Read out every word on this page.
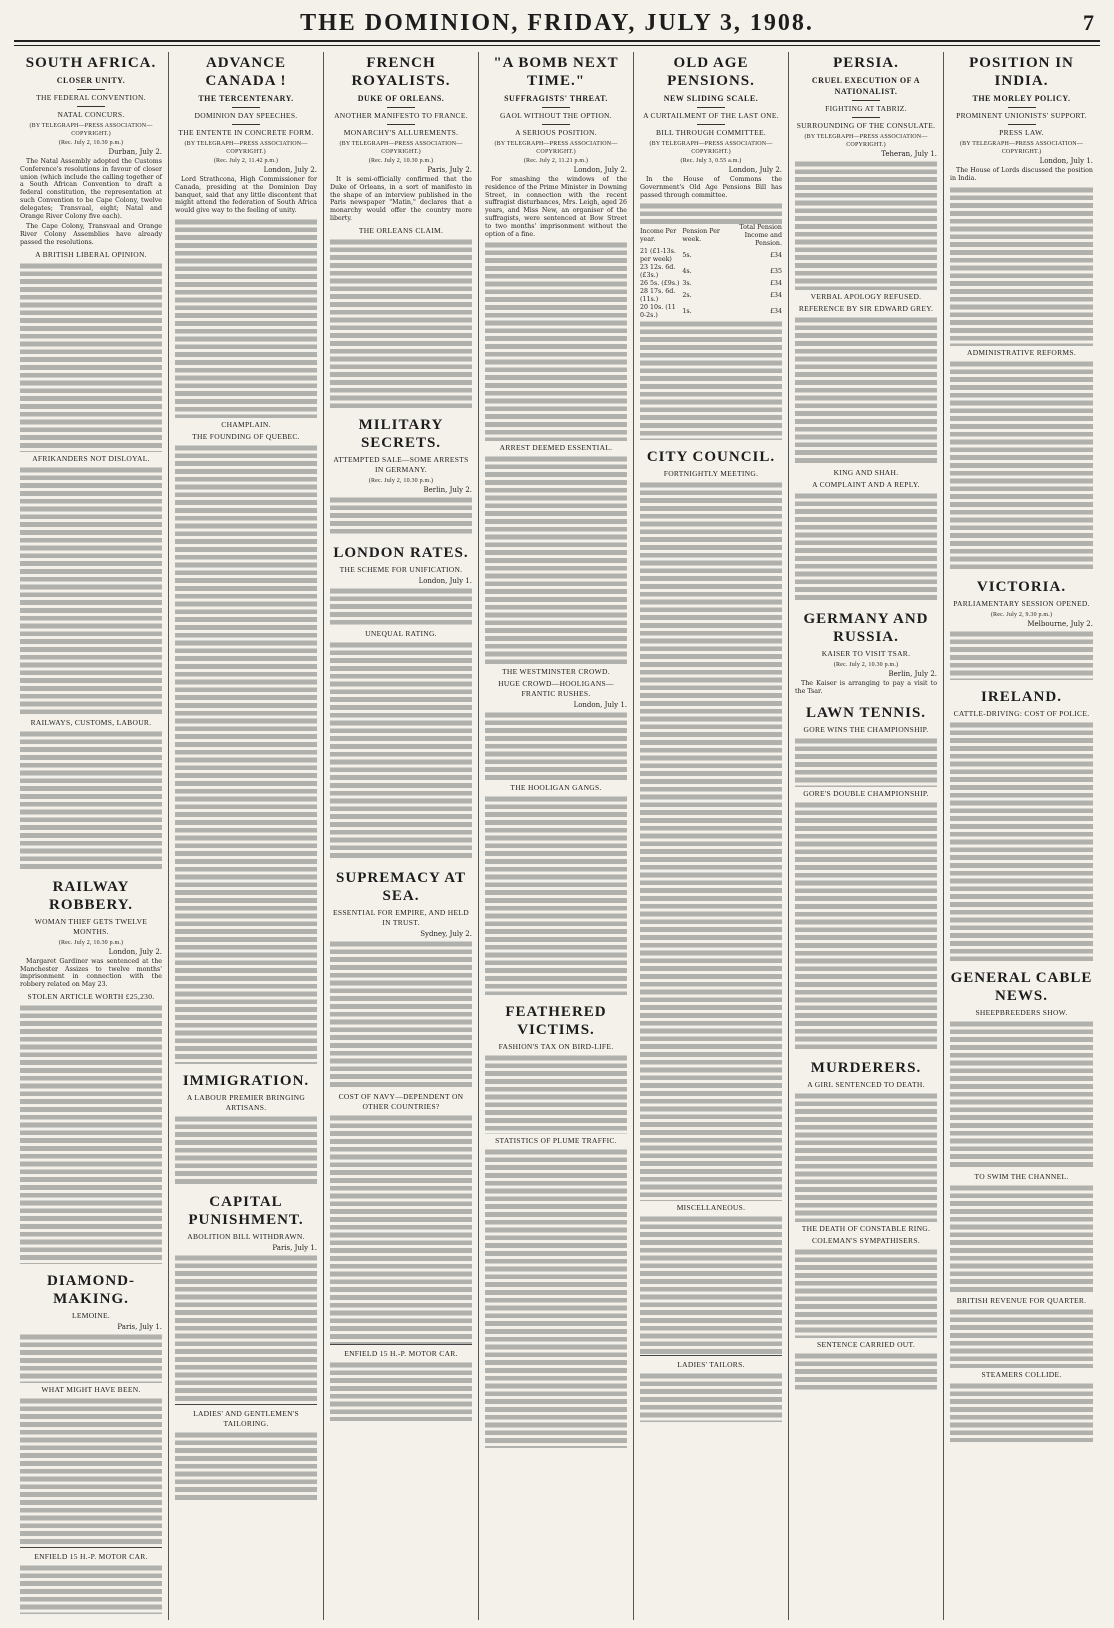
THE DOMINION, FRIDAY, JULY 3, 1908.	7
SOUTH AFRICA.
CLOSER UNITY.
THE FEDERAL CONVENTION.
NATAL CONCURS.
(BY TELEGRAPH—PRESS ASSOCIATION—COPYRIGHT.)
(Rec. July 2, 10.30 p.m.)
Durban, July 2.

The Natal Assembly adopted the Customs Conference's resolutions in favour of closer union (which include the calling together of a South African Convention to draft a federal constitution, the representation at such Convention to be Cape Colony, twelve delegates; Transvaal, eight; Natal and Orange River Colony five each).

The Cape Colony, Transvaal and Orange River Colony Assemblies have already passed the resolutions.

A BRITISH LIBERAL OPINION.
AFRIKANDERS NOT DISLOYAL.
RAILWAYS, CUSTOMS, LABOUR.
RAILWAY ROBBERY.
WOMAN THIEF GETS TWELVE MONTHS.
(Rec. July 2, 10.30 p.m.)
London, July 2.

Margaret Gardiner was sentenced at the Manchester Assizes to twelve months' imprisonment in connection with the robbery related on May 23.

STOLEN ARTICLE WORTH £25,230.
DIAMOND-MAKING.
LEMOINE.
Paris, July 1.
WHAT MIGHT HAVE BEEN.
ENFIELD 15 H.-P. MOTOR CAR.
ADVANCE CANADA !
THE TERCENTENARY.
DOMINION DAY SPEECHES.
THE ENTENTE IN CONCRETE FORM.
(BY TELEGRAPH—PRESS ASSOCIATION—COPYRIGHT.)
(Rec. July 2, 11.42 p.m.)
London, July 2.

Lord Strathcona, High Commissioner for Canada, presiding at the Dominion Day banquet, said that any little discontent that might attend the federation of South Africa would give way to the feeling of unity.

CHAMPLAIN.
THE FOUNDING OF QUEBEC.
IMMIGRATION.
A LABOUR PREMIER BRINGING ARTISANS.
CAPITAL PUNISHMENT.
ABOLITION BILL WITHDRAWN.
Paris, July 1.
LADIES' AND GENTLEMEN'S TAILORING.
FRENCH ROYALISTS.
DUKE OF ORLEANS.
ANOTHER MANIFESTO TO FRANCE.
MONARCHY'S ALLUREMENTS.
(BY TELEGRAPH—PRESS ASSOCIATION—COPYRIGHT.)
(Rec. July 2, 10.30 p.m.)
Paris, July 2.

It is semi-officially confirmed that the Duke of Orleans, in a sort of manifesto in the shape of an interview published in the Paris newspaper "Matin," declares that a monarchy would offer the country more liberty.

THE ORLEANS CLAIM.
MILITARY SECRETS.
ATTEMPTED SALE—SOME ARRESTS IN GERMANY.
(Rec. July 2, 10.30 p.m.)
Berlin, July 2.
LONDON RATES.
THE SCHEME FOR UNIFICATION.
London, July 1.
UNEQUAL RATING.
SUPREMACY AT SEA.
ESSENTIAL FOR EMPIRE, AND HELD IN TRUST.
Sydney, July 2.
COST OF NAVY—DEPENDENT ON OTHER COUNTRIES?
ENFIELD 15 H.-P. MOTOR CAR.
"A BOMB NEXT TIME."
SUFFRAGISTS' THREAT.
GAOL WITHOUT THE OPTION.
A SERIOUS POSITION.
(BY TELEGRAPH—PRESS ASSOCIATION—COPYRIGHT.)
(Rec. July 2, 11.21 p.m.)
London, July 2.

For smashing the windows of the residence of the Prime Minister in Downing Street, in connection with the recent suffragist disturbances, Mrs. Leigh, aged 26 years, and Miss New, an organiser of the suffragists, were sentenced at Bow Street to two months' imprisonment without the option of a fine.

ARREST DEEMED ESSENTIAL.
THE WESTMINSTER CROWD.
HUGE CROWD—HOOLIGANS—FRANTIC RUSHES.
London, July 1.
THE HOOLIGAN GANGS.
FEATHERED VICTIMS.
FASHION'S TAX ON BIRD-LIFE.
STATISTICS OF PLUME TRAFFIC.
OLD AGE PENSIONS.
NEW SLIDING SCALE.
A CURTAILMENT OF THE LAST ONE.
BILL THROUGH COMMITTEE.
(BY TELEGRAPH—PRESS ASSOCIATION—COPYRIGHT.)
(Rec. July 3, 0.55 a.m.)
London, July 2.

In the House of Commons the Government's Old Age Pensions Bill has passed through committee.

Income Per year.	Pension Per week.	Total Pension Income and Pension.
21 (£1-13s. per week)	5s.	£34
23 12s. 6d. (£3s.)	4s.	£35
26 5s. (£9s.)	3s.	£34
28 17s. 6d. (11s.)	2s.	£34
20 10s. (11 0-2s.)	1s.	£34
CITY COUNCIL.
FORTNIGHTLY MEETING.
MISCELLANEOUS.
LADIES' TAILORS.
PERSIA.
CRUEL EXECUTION OF A NATIONALIST.
FIGHTING AT TABRIZ.
SURROUNDING OF THE CONSULATE.
(BY TELEGRAPH—PRESS ASSOCIATION—COPYRIGHT.)
Teheran, July 1.
VERBAL APOLOGY REFUSED.
REFERENCE BY SIR EDWARD GREY.
KING AND SHAH.
A COMPLAINT AND A REPLY.
GERMANY AND RUSSIA.
KAISER TO VISIT TSAR.
(Rec. July 2, 10.30 p.m.)
Berlin, July 2.

The Kaiser is arranging to pay a visit to the Tsar.

LAWN TENNIS.
GORE WINS THE CHAMPIONSHIP.
GORE'S DOUBLE CHAMPIONSHIP.
MURDERERS.
A GIRL SENTENCED TO DEATH.
THE DEATH OF CONSTABLE RING.
COLEMAN'S SYMPATHISERS.
SENTENCE CARRIED OUT.
POSITION IN INDIA.
THE MORLEY POLICY.
PROMINENT UNIONISTS' SUPPORT.
PRESS LAW.
(BY TELEGRAPH—PRESS ASSOCIATION—COPYRIGHT.)
London, July 1.

The House of Lords discussed the position in India.

ADMINISTRATIVE REFORMS.
VICTORIA.
PARLIAMENTARY SESSION OPENED.
(Rec. July 2, 9.30 p.m.)
Melbourne, July 2.
IRELAND.
CATTLE-DRIVING: COST OF POLICE.
GENERAL CABLE NEWS.
SHEEPBREEDERS SHOW.
TO SWIM THE CHANNEL.
BRITISH REVENUE FOR QUARTER.
STEAMERS COLLIDE.
